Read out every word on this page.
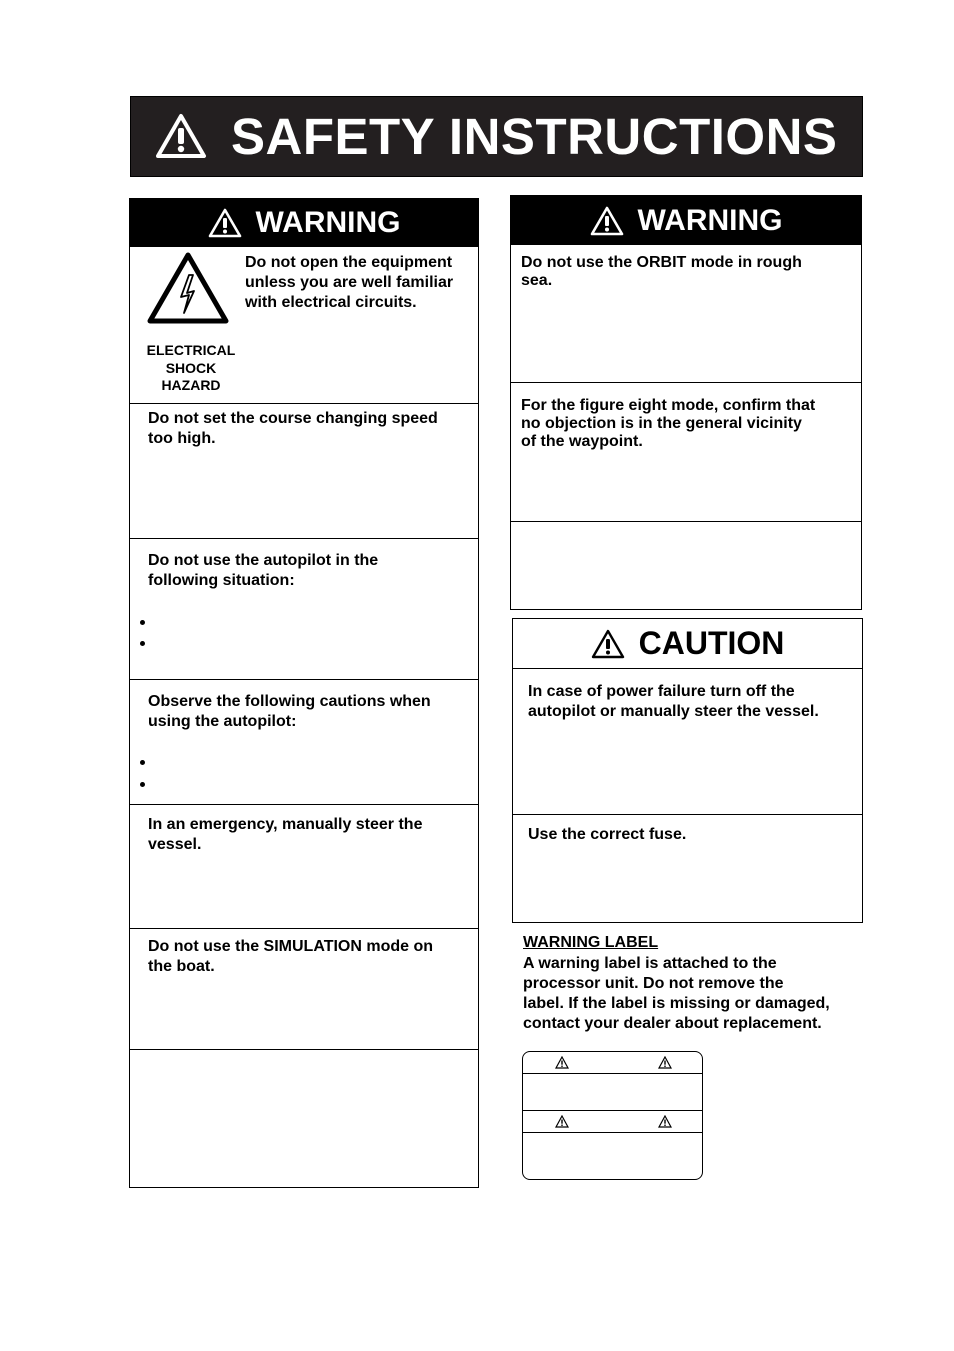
SAFETY INSTRUCTIONS
WARNING
Do not open the equipment
unless you are well familiar
with electrical circuits.
ELECTRICAL
SHOCK
HAZARD
Do not set the course changing speed
too high.
Do not use the autopilot in the
following situation:
Observe the following cautions when
using the autopilot:
In an emergency, manually steer the
vessel.
Do not use the SIMULATION mode on
the boat.
WARNING
Do not use the ORBIT mode in rough
sea.
For the figure eight mode, confirm that
no objection is in the general vicinity
of the waypoint.
CAUTION
In case of power failure turn off the
autopilot or manually steer the vessel.
Use the correct fuse.
WARNING LABEL
A warning label is attached to the
processor unit. Do not remove the
label. If the label is missing or damaged,
contact your dealer about replacement.
